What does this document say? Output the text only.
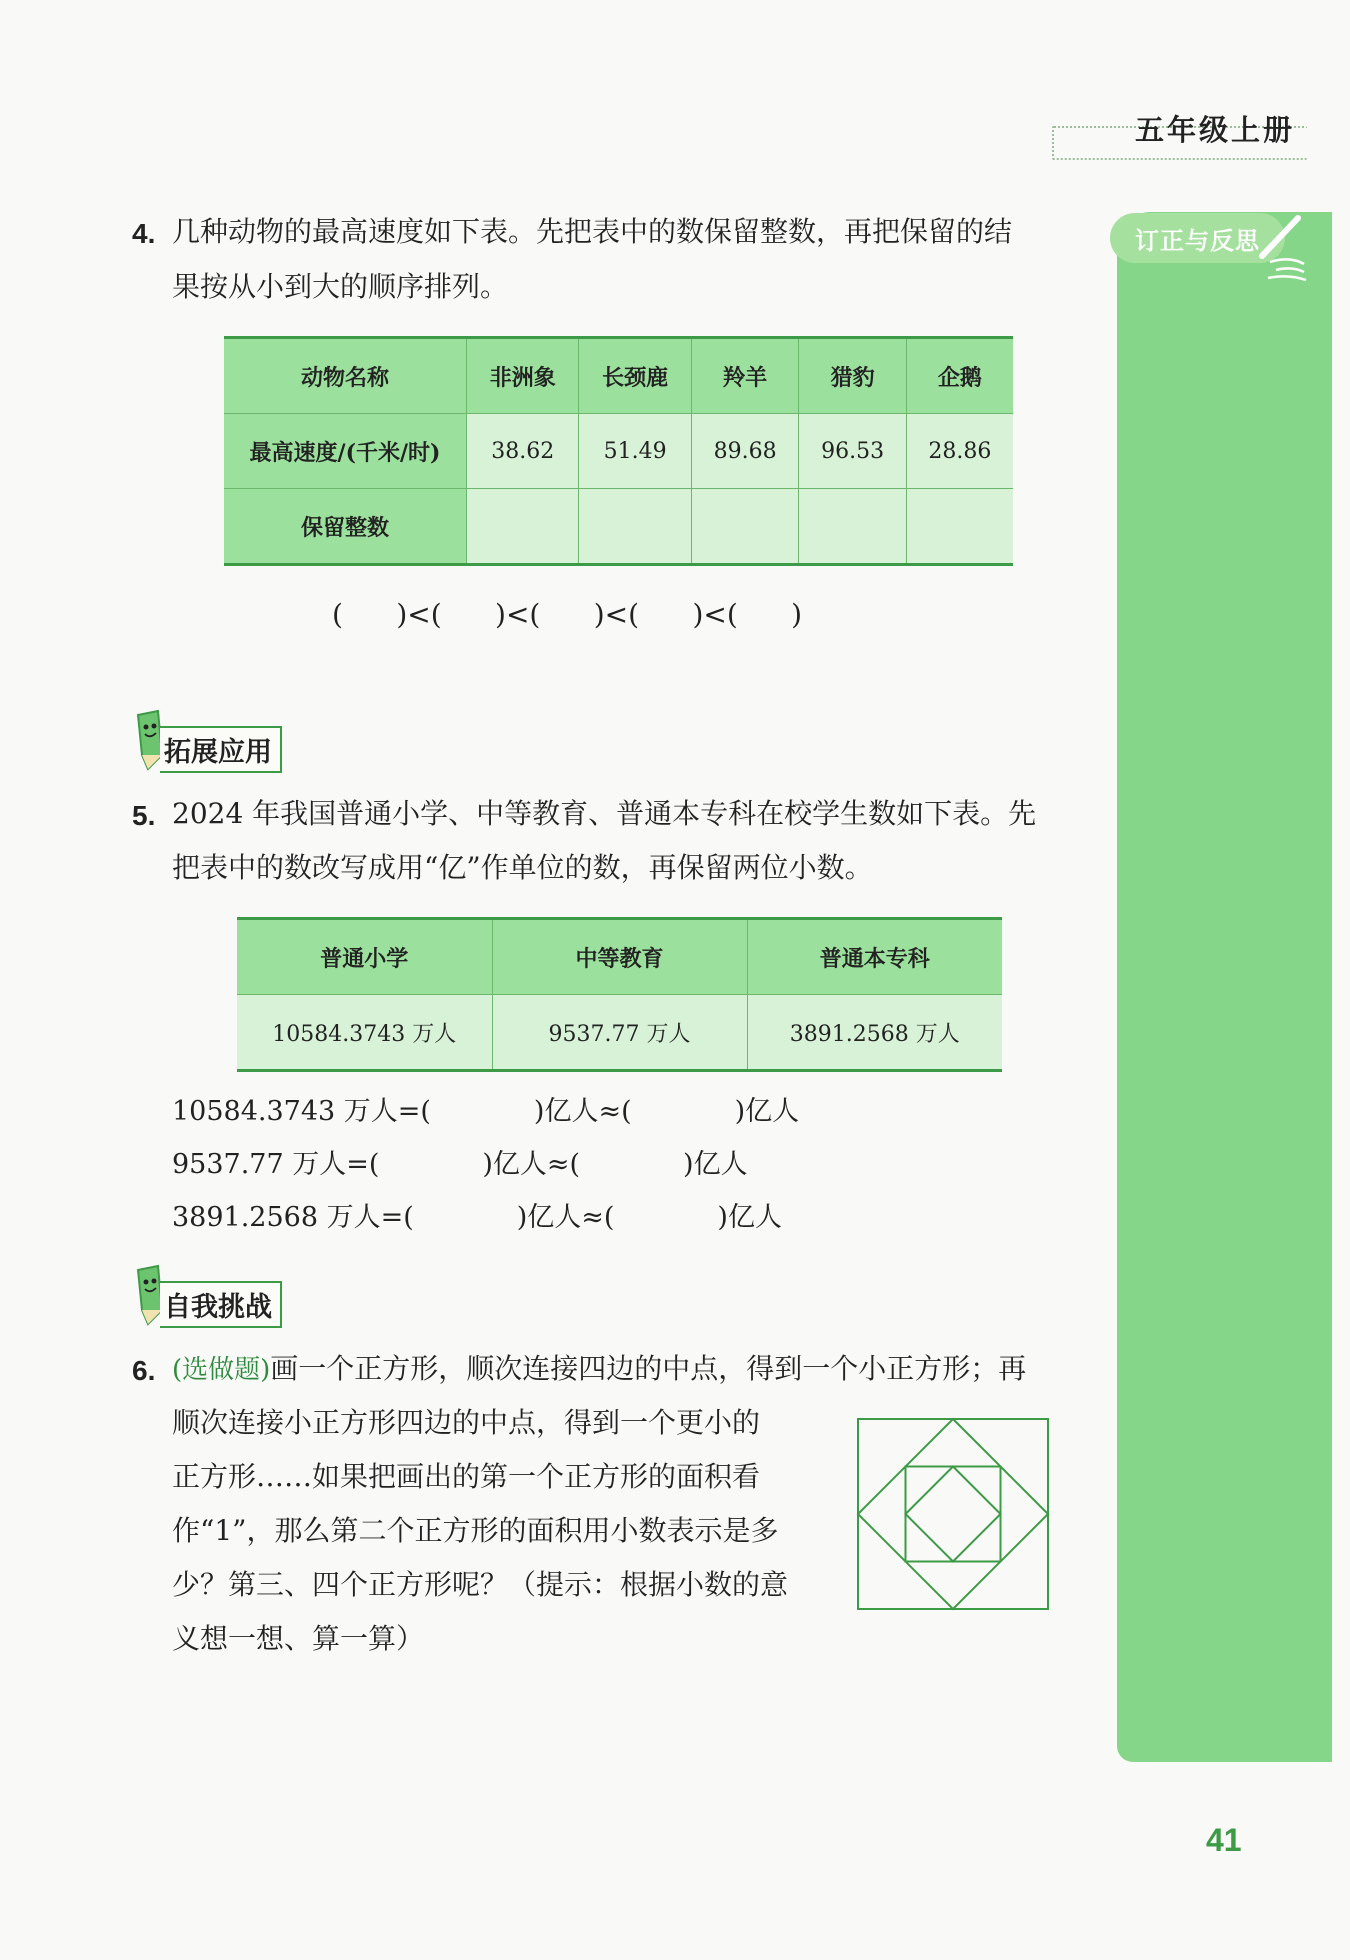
五年级上册
订正与反思
4. 几种动物的最高速度如下表。先把表中的数保留整数，再把保留的结
果按从小到大的顺序排列。
动物名称	非洲象	长颈鹿	羚羊	猎豹	企鹅
最高速度/(千米/时)	38.62	51.49	89.68	96.53	28.86
保留整数					
(      )<(      )<(      )<(      )<(      )
拓展应用
5. 2024 年我国普通小学、中等教育、普通本专科在校学生数如下表。先
把表中的数改写成用“亿”作单位的数，再保留两位小数。
普通小学	中等教育	普通本专科
10584.3743 万人	9537.77 万人	3891.2568 万人
10584.3743 万人=(            )亿人≈(            )亿人
9537.77 万人=(            )亿人≈(            )亿人
3891.2568 万人=(            )亿人≈(            )亿人
自我挑战
6. (选做题)画一个正方形，顺次连接四边的中点，得到一个小正方形；再
顺次连接小正方形四边的中点，得到一个更小的
正方形……如果把画出的第一个正方形的面积看
作“1”，那么第二个正方形的面积用小数表示是多
少？第三、四个正方形呢？（提示：根据小数的意
义想一想、算一算）
41
